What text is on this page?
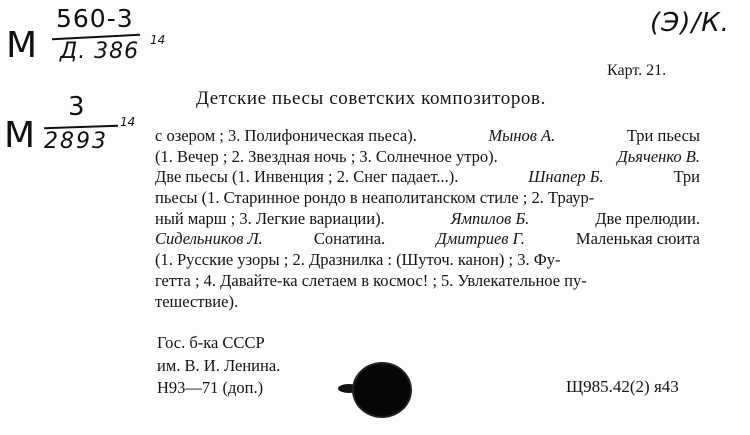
М
560-3
Д. 386 14
М
3
2893
14
(Э)/К.
Карт. 21.
Детские пьесы советских композиторов.
с озером ; 3. Полифоническая пьеса).	Мынов А.	Три пьесы
(1. Вечер ; 2. Звездная ночь ; 3. Солнечное утро).	Дьяченко В.
Две пьесы (1. Инвенция ; 2. Снег падает...).	Шнапер Б.	Три
пьесы (1. Старинное рондо в неаполитанском стиле ; 2. Траур-
ный марш ; 3. Легкие вариации).	Ямпилов Б.	Две прелюдии.
Сидельников Л.	Сонатина.	Дмитриев Г.	Маленькая сюита
(1. Русские узоры ; 2. Дразнилка : (Шуточ. канон) ; 3. Фу-
гетта ; 4. Давайте-ка слетаем в космос! ; 5. Увлекательное пу-
тешествие).
Гос. б-ка СССР
им. В. И. Ленина.
Н93—71 (доп.)	Щ985.42(2) я43
